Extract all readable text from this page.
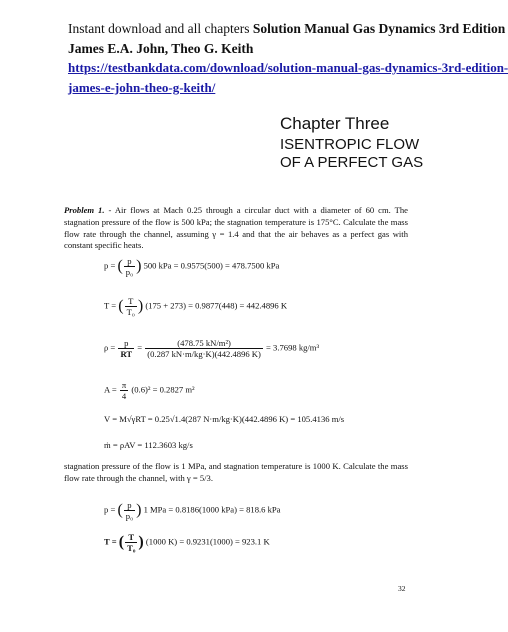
Instant download and all chapters Solution Manual Gas Dynamics 3rd Edition
James E.A. John, Theo G. Keith
https://testbankdata.com/download/solution-manual-gas-dynamics-3rd-edition-
james-e-john-theo-g-keith/
Chapter Three
ISENTROPIC FLOW
OF A PERFECT GAS
Problem 1. - Air flows at Mach 0.25 through a circular duct with a diameter of 60 cm. The stagnation pressure of the flow is 500 kPa; the stagnation temperature is 175°C. Calculate the mass flow rate through the channel, assuming γ = 1.4 and that the air behaves as a perfect gas with constant specific heats.
p = ( $\frac{p}{\text{p₀}}$ ) 500 kPa = 0.9575(500) = 478.7500 kPa
T = ( $\frac{T}{\text{T₀}}$ ) (175 + 273) = 0.9877(448) = 442.4896 K
$\rho = \frac{p}{RT} = \frac{\text{(478.75 kN/m²)}}{(0.287 kN\cdot m/kg\cdot K)(442.4896 K)} = 3.7698$ kg/m³
$A = \frac{\pi}{4} (0.6)^2 = 0.2827$ m²
V = M√γRT = 0.25√1.4(287 N·m/kg·K)(442.4896 K) = 105.4136 m/s
ṁ = ρAV = 112.3603 kg/s
stagnation pressure of the flow is 1 MPa, and stagnation temperature is 1000 K. Calculate the mass flow rate through the channel, with γ = 5/3.
p = ( $\frac{p}{\text{p₀}}$ ) 1 MPa = 0.8186(1000 kPa) = 818.6 kPa
T = ( $\frac{T}{\text{T₀}}$ ) (1000 K) = 0.9231(1000) = 923.1 K
32
